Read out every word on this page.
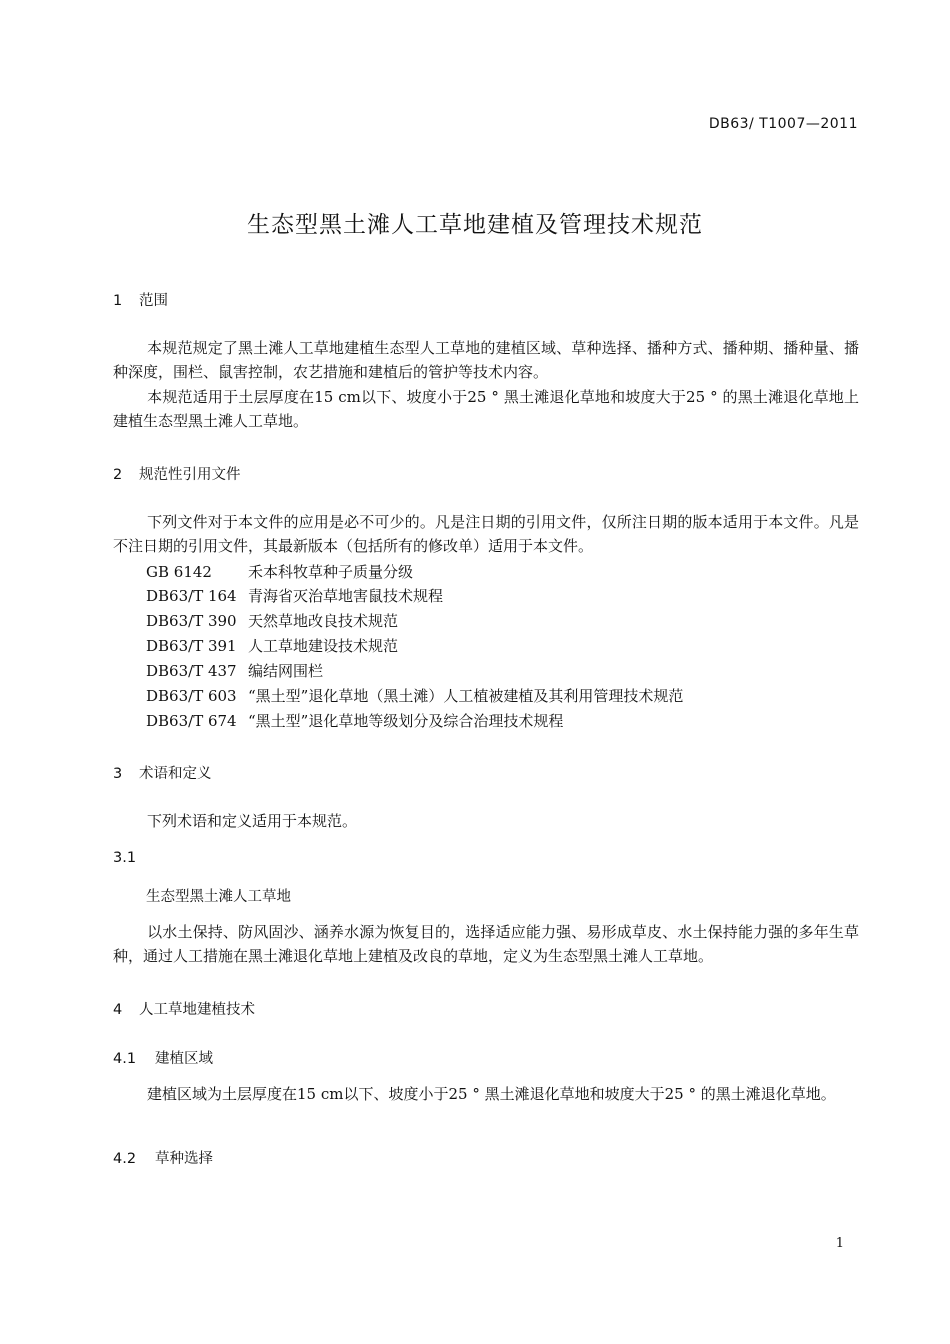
DB63/ T1007—2011
生态型黑土滩人工草地建植及管理技术规范
1 范围
本规范规定了黑土滩人工草地建植生态型人工草地的建植区域、草种选择、播种方式、播种期、播种量、播种深度，围栏、鼠害控制，农艺措施和建植后的管护等技术内容。
本规范适用于土层厚度在15 cm以下、坡度小于25 ° 黑土滩退化草地和坡度大于25 ° 的黑土滩退化草地上建植生态型黑土滩人工草地。
2 规范性引用文件
下列文件对于本文件的应用是必不可少的。凡是注日期的引用文件，仅所注日期的版本适用于本文件。凡是不注日期的引用文件，其最新版本（包括所有的修改单）适用于本文件。
GB 6142 禾本科牧草种子质量分级
DB63/T 164 青海省灭治草地害鼠技术规程
DB63/T 390 天然草地改良技术规范
DB63/T 391 人工草地建设技术规范
DB63/T 437 编结网围栏
DB63/T 603 “黑土型”退化草地（黑土滩）人工植被建植及其利用管理技术规范
DB63/T 674 “黑土型”退化草地等级划分及综合治理技术规程
3 术语和定义
下列术语和定义适用于本规范。
3.1
生态型黑土滩人工草地
以水土保持、防风固沙、涵养水源为恢复目的，选择适应能力强、易形成草皮、水土保持能力强的多年生草种，通过人工措施在黑土滩退化草地上建植及改良的草地，定义为生态型黑土滩人工草地。
4 人工草地建植技术
4.1 建植区域
建植区域为土层厚度在15 cm以下、坡度小于25 ° 黑土滩退化草地和坡度大于25 ° 的黑土滩退化草地。
4.2 草种选择
1
